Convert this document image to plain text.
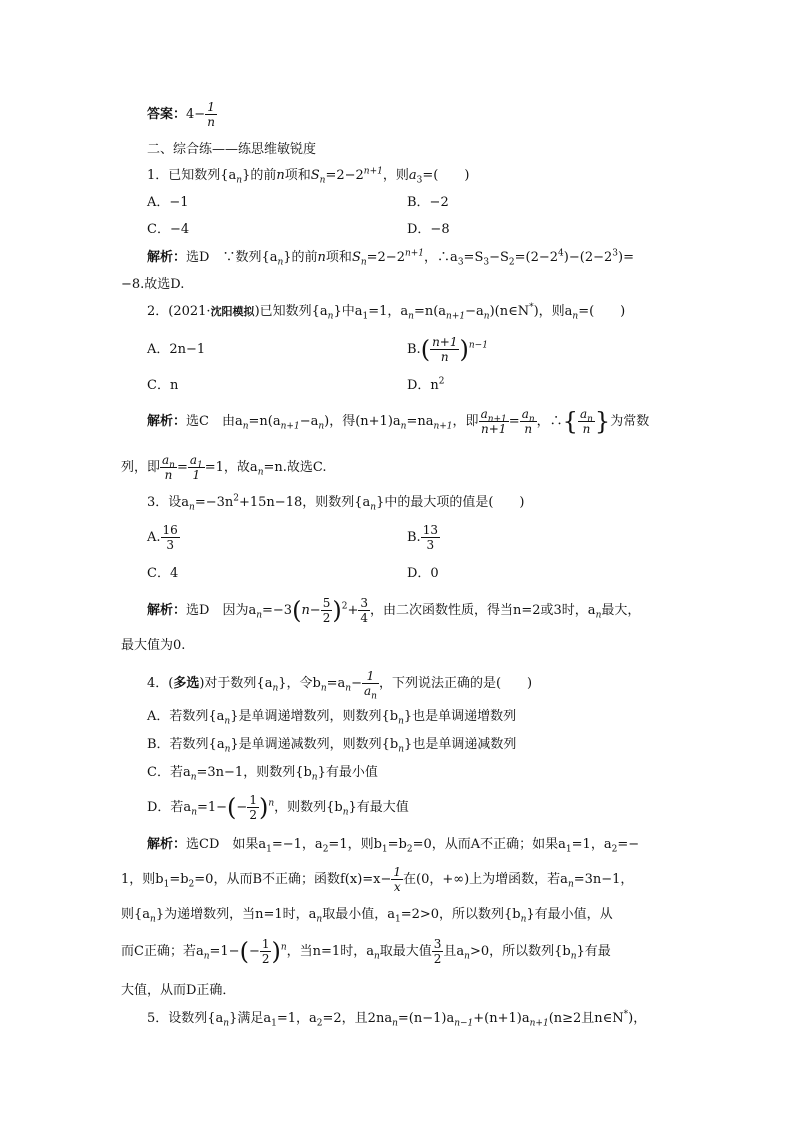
答案：$4- \frac{1}{n}$
二、综合练——练思维敏锐度
1．已知数列$\{a_n\}$的前n项和$S_n=2-2^{n+1}$，则$a_3=$(　　)
A．−1	B．−2
C．−4	D．−8
解析：选D　∵数列$\{a_n\}$的前n项和$S_n=2-2^{n+1}$，$\therefore a_3=S_3-S_2=(2-2^4)-(2-2^3)=$
−8.故选D.
2．(2021·沈阳模拟)已知数列$\{a_n\}$中$a_1=1$，$a_n=n(a_{n+1}-a_n)(n\in N^*)$，则$a_n=$(　　)
A．2n−1	$B.( \frac{n+1}{n} )^{n-1}$
C．n	D．$n^2$
解析：选C　由$a_n=n(a_{n+1}-a_n)$，得$(n+1)a_n=na_{n+1}$，即 $\frac{a_{n+1}}{n+1} = \frac{a_n}{n}$ ，∴{ $\frac{a_n}{n}$ }为常数
列，即 $\frac{a_n}{n} = \frac{a_1}{1} =1$，故$a_n=n$.故选C.
3．设$a_n=-3n^2+15n-18$，则数列$\{a_n\}$中的最大项的值是(　　)
A. $\frac{16}{3}$	B. $\frac{13}{3}$
C．4	D．0
解析：选D　因为$a_n=-3(n- \frac{5}{2} )^2+ \frac{3}{4}$ ，由二次函数性质，得当n=2或3时，$a_n$最大，
最大值为0.
4．(多选)对于数列$\{a_n\}$，令$b_n=a_n- \frac{1}{a_n}$ ，下列说法正确的是(　　)
A．若数列$\{a_n\}$是单调递增数列，则数列$\{b_n\}$也是单调递增数列
B．若数列$\{a_n\}$是单调递减数列，则数列$\{b_n\}$也是单调递减数列
C．若$a_n=3n-1$，则数列$\{b_n\}$有最小值
D．若$a_n=1-(- \frac{1}{2} )^n$，则数列$\{b_n\}$有最大值
解析：选CD　如果$a_1=-1$，$a_2=1$，则$b_1=b_2=0$，从而A不正确；如果$a_1=1$，$a_2=-$
1，则$b_1=b_2=0$，从而B不正确；函数$f(x)=x- \frac{1}{x}$ 在(0，+∞)上为增函数，若$a_n=3n-1$，
则$\{a_n\}$为递增数列，当n=1时，$a_n$取最小值，$a_1=2>0$，所以数列$\{b_n\}$有最小值，从
而C正确；若$a_n=1-(- \frac{1}{2} )^n$，当n=1时，$a_n$取最大值 $\frac{3}{2}$ 且$a_n>0$，所以数列$\{b_n\}$有最
大值，从而D正确．
5．设数列$\{a_n\}$满足$a_1=1$，$a_2=2$，且$2na_n=(n-1)a_{n-1}+(n+1)a_{n+1}(n\ge 2$且n∈N*)，
